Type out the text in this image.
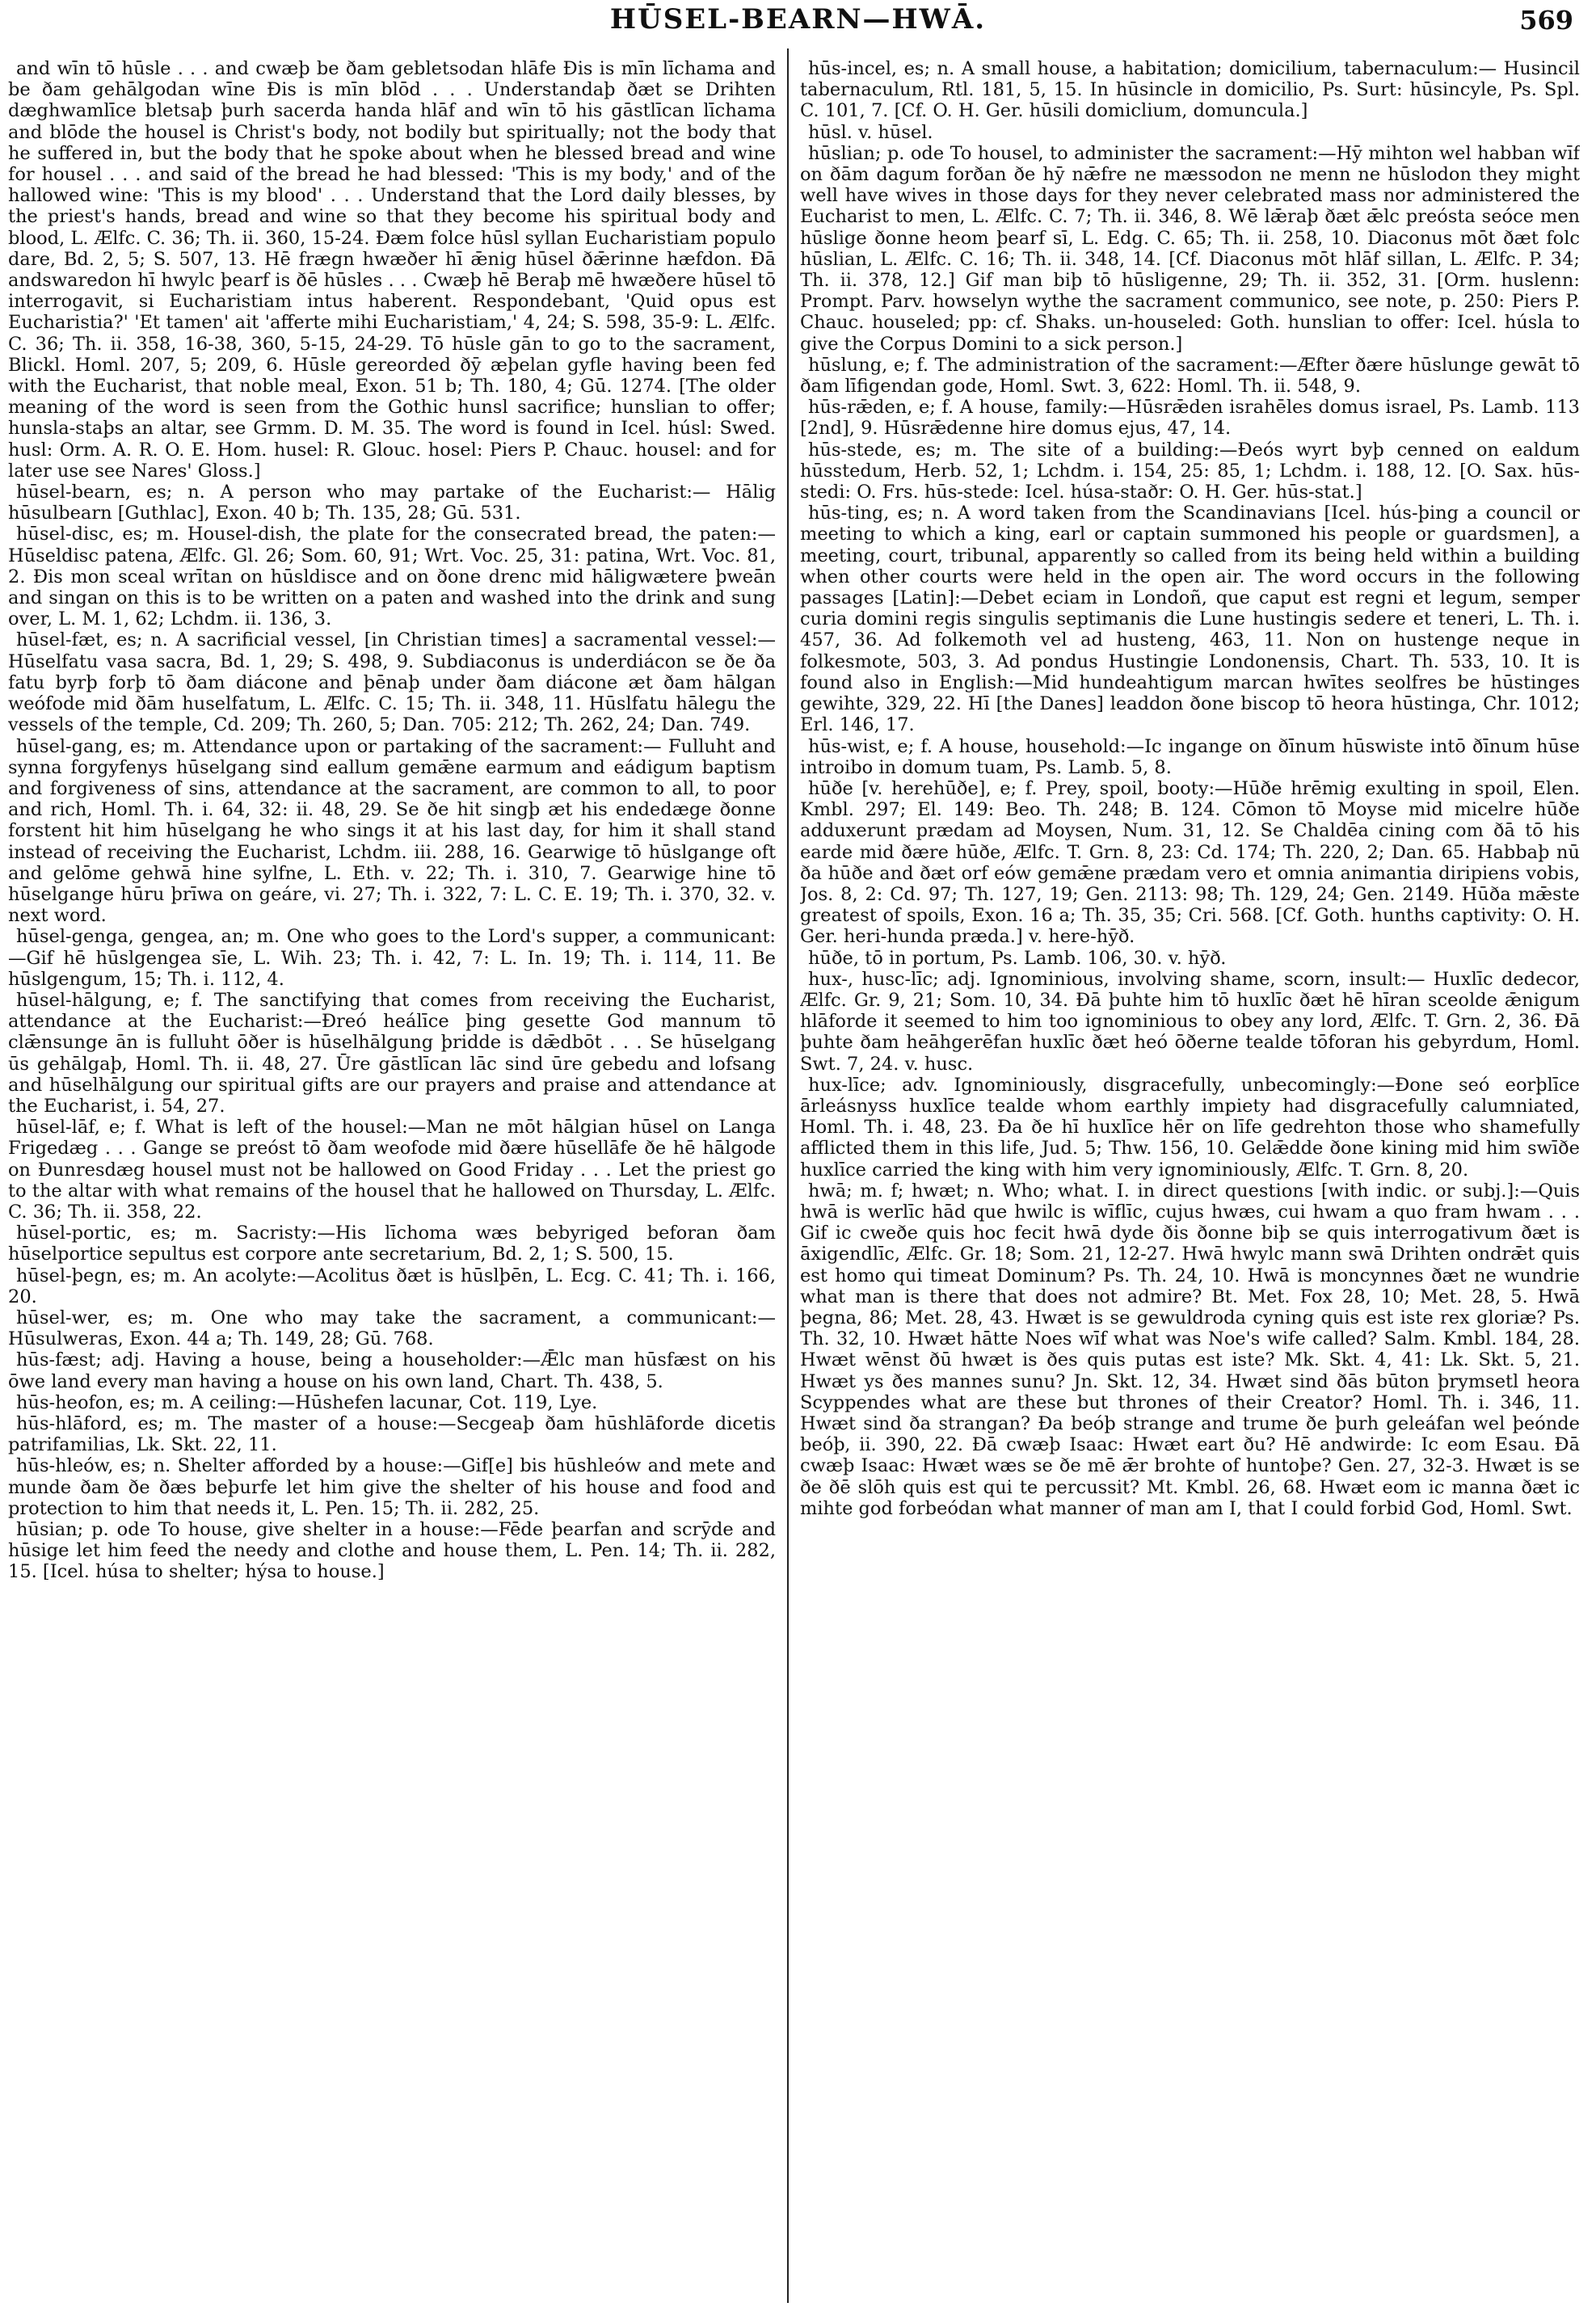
HŪSEL-BEARN—HWĀ.	569

and wīn tō hūsle . . . and cwæþ be ðam gebletsodan hlāfe Ðis is mīn līchama and be ðam gehālgodan wīne Ðis is mīn blōd . . . Understandaþ ðæt se Drihten dæghwamlīce bletsaþ þurh sacerda handa hlāf and wīn tō his gāstlīcan līchama and blōde the housel is Christ's body, not bodily but spiritually; not the body that he suffered in, but the body that he spoke about when he blessed bread and wine for housel . . . and said of the bread he had blessed: 'This is my body,' and of the hallowed wine: 'This is my blood' . . . Understand that the Lord daily blesses, by the priest's hands, bread and wine so that they become his spiritual body and blood, L. Ælfc. C. 36; Th. ii. 360, 15-24. Ðæm folce hūsl syllan Eucharistiam populo dare, Bd. 2, 5; S. 507, 13. Hē frægn hwæðer hī ǣnig hūsel ðǣrinne hæfdon. Ðā andswaredon hī hwylc þearf is ðē hūsles . . . Cwæþ hē Beraþ mē hwæðere hūsel tō interrogavit, si Eucharistiam intus haberent. Respondebant, 'Quid opus est Eucharistia?' 'Et tamen' ait 'afferte mihi Eucharistiam,' 4, 24; S. 598, 35-9: L. Ælfc. C. 36; Th. ii. 358, 16-38, 360, 5-15, 24-29. Tō hūsle gān to go to the sacrament, Blickl. Homl. 207, 5; 209, 6. Hūsle gereorded ðȳ æþelan gyfle having been fed with the Eucharist, that noble meal, Exon. 51 b; Th. 180, 4; Gū. 1274. [The older meaning of the word is seen from the Gothic hunsl sacrifice; hunslian to offer; hunsla-staþs an altar, see Grmm. D. M. 35. The word is found in Icel. húsl: Swed. husl: Orm. A. R. O. E. Hom. husel: R. Glouc. hosel: Piers P. Chauc. housel: and for later use see Nares' Gloss.]

hūsel-bearn, es; n. A person who may partake of the Eucharist:— Hālig hūsulbearn [Guthlac], Exon. 40 b; Th. 135, 28; Gū. 531.

hūsel-disc, es; m. Housel-dish, the plate for the consecrated bread, the paten:—Hūseldisc patena, Ælfc. Gl. 26; Som. 60, 91; Wrt. Voc. 25, 31: patina, Wrt. Voc. 81, 2. Ðis mon sceal wrītan on hūsldisce and on ðone drenc mid hāligwætere þweān and singan on this is to be written on a paten and washed into the drink and sung over, L. M. 1, 62; Lchdm. ii. 136, 3.

hūsel-fæt, es; n. A sacrificial vessel, [in Christian times] a sacramental vessel:—Hūselfatu vasa sacra, Bd. 1, 29; S. 498, 9. Subdiaconus is underdiácon se ðe ða fatu byrþ forþ tō ðam diácone and þēnaþ under ðam diácone æt ðam hālgan weófode mid ðām huselfatum, L. Ælfc. C. 15; Th. ii. 348, 11. Hūslfatu hālegu the vessels of the temple, Cd. 209; Th. 260, 5; Dan. 705: 212; Th. 262, 24; Dan. 749.

hūsel-gang, es; m. Attendance upon or partaking of the sacrament:— Fulluht and synna forgyfenys hūselgang sind eallum gemǣne earmum and eádigum baptism and forgiveness of sins, attendance at the sacrament, are common to all, to poor and rich, Homl. Th. i. 64, 32: ii. 48, 29. Se ðe hit singþ æt his endedæge ðonne forstent hit him hūselgang he who sings it at his last day, for him it shall stand instead of receiving the Eucharist, Lchdm. iii. 288, 16. Gearwige tō hūslgange oft and gelōme gehwā hine sylfne, L. Eth. v. 22; Th. i. 310, 7. Gearwige hine tō hūselgange hūru þrīwa on geáre, vi. 27; Th. i. 322, 7: L. C. E. 19; Th. i. 370, 32. v. next word.

hūsel-genga, gengea, an; m. One who goes to the Lord's supper, a communicant:—Gif hē hūslgengea sīe, L. Wih. 23; Th. i. 42, 7: L. In. 19; Th. i. 114, 11. Be hūslgengum, 15; Th. i. 112, 4.

hūsel-hālgung, e; f. The sanctifying that comes from receiving the Eucharist, attendance at the Eucharist:—Ðreó heálīce þing gesette God mannum tō clǣnsunge ān is fulluht ōðer is hūselhālgung þridde is dǣdbōt . . . Se hūselgang ūs gehālgaþ, Homl. Th. ii. 48, 27. Ūre gāstlīcan lāc sind ūre gebedu and lofsang and hūselhālgung our spiritual gifts are our prayers and praise and attendance at the Eucharist, i. 54, 27.

hūsel-lāf, e; f. What is left of the housel:—Man ne mōt hālgian hūsel on Langa Frigedæg . . . Gange se preóst tō ðam weofode mid ðære hūsellāfe ðe hē hālgode on Ðunresdæg housel must not be hallowed on Good Friday . . . Let the priest go to the altar with what remains of the housel that he hallowed on Thursday, L. Ælfc. C. 36; Th. ii. 358, 22.

hūsel-portic, es; m. Sacristy:—His līchoma wæs bebyriged beforan ðam hūselportice sepultus est corpore ante secretarium, Bd. 2, 1; S. 500, 15.

hūsel-þegn, es; m. An acolyte:—Acolitus ðæt is hūslþēn, L. Ecg. C. 41; Th. i. 166, 20.

hūsel-wer, es; m. One who may take the sacrament, a communicant:— Hūsulweras, Exon. 44 a; Th. 149, 28; Gū. 768.

hūs-fæst; adj. Having a house, being a householder:—Ǣlc man hūsfæst on his ōwe land every man having a house on his own land, Chart. Th. 438, 5.

hūs-heofon, es; m. A ceiling:—Hūshefen lacunar, Cot. 119, Lye.

hūs-hlāford, es; m. The master of a house:—Secgeaþ ðam hūshlāforde dicetis patrifamilias, Lk. Skt. 22, 11.

hūs-hleów, es; n. Shelter afforded by a house:—Gif[e] bis hūshleów and mete and munde ðam ðe ðæs beþurfe let him give the shelter of his house and food and protection to him that needs it, L. Pen. 15; Th. ii. 282, 25.

hūsian; p. ode To house, give shelter in a house:—Fēde þearfan and scrȳde and hūsige let him feed the needy and clothe and house them, L. Pen. 14; Th. ii. 282, 15. [Icel. húsa to shelter; hýsa to house.]

hūs-incel, es; n. A small house, a habitation; domicilium, tabernaculum:— Husincil tabernaculum, Rtl. 181, 5, 15. In hūsincle in domicilio, Ps. Surt: hūsincyle, Ps. Spl. C. 101, 7. [Cf. O. H. Ger. hūsili domiclium, domuncula.]

hūsl. v. hūsel.

hūslian; p. ode To housel, to administer the sacrament:—Hȳ mihton wel habban wīf on ðām dagum forðan ðe hȳ nǣfre ne mæssodon ne menn ne hūslodon they might well have wives in those days for they never celebrated mass nor administered the Eucharist to men, L. Ælfc. C. 7; Th. ii. 346, 8. Wē lǣraþ ðæt ǣlc preósta seóce men hūslige ðonne heom þearf sī, L. Edg. C. 65; Th. ii. 258, 10. Diaconus mōt ðæt folc hūslian, L. Ælfc. C. 16; Th. ii. 348, 14. [Cf. Diaconus mōt hlāf sillan, L. Ælfc. P. 34; Th. ii. 378, 12.] Gif man biþ tō hūsligenne, 29; Th. ii. 352, 31. [Orm. huslenn: Prompt. Parv. howselyn wythe the sacrament communico, see note, p. 250: Piers P. Chauc. houseled; pp: cf. Shaks. un-houseled: Goth. hunslian to offer: Icel. húsla to give the Corpus Domini to a sick person.]

hūslung, e; f. The administration of the sacrament:—Æfter ðære hūslunge gewāt tō ðam līfigendan gode, Homl. Swt. 3, 622: Homl. Th. ii. 548, 9.

hūs-rǣden, e; f. A house, family:—Hūsrǣden israhēles domus israel, Ps. Lamb. 113 [2nd], 9. Hūsrǣdenne hire domus ejus, 47, 14.

hūs-stede, es; m. The site of a building:—Ðeós wyrt byþ cenned on ealdum hūsstedum, Herb. 52, 1; Lchdm. i. 154, 25: 85, 1; Lchdm. i. 188, 12. [O. Sax. hūs-stedi: O. Frs. hūs-stede: Icel. húsa-staðr: O. H. Ger. hūs-stat.]

hūs-ting, es; n. A word taken from the Scandinavians [Icel. hús-þing a council or meeting to which a king, earl or captain summoned his people or guardsmen], a meeting, court, tribunal, apparently so called from its being held within a building when other courts were held in the open air. The word occurs in the following passages [Latin]:—Debet eciam in Londoñ, que caput est regni et legum, semper curia domini regis singulis septimanis die Lune hustingis sedere et teneri, L. Th. i. 457, 36. Ad folkemoth vel ad husteng, 463, 11. Non on hustenge neque in folkesmote, 503, 3. Ad pondus Hustingie Londonensis, Chart. Th. 533, 10. It is found also in English:—Mid hundeahtigum marcan hwītes seolfres be hūstinges gewihte, 329, 22. Hī [the Danes] leaddon ðone biscop tō heora hūstinga, Chr. 1012; Erl. 146, 17.

hūs-wist, e; f. A house, household:—Ic ingange on ðīnum hūswiste intō ðīnum hūse introibo in domum tuam, Ps. Lamb. 5, 8.

hūðe [v. herehūðe], e; f. Prey, spoil, booty:—Hūðe hrēmig exulting in spoil, Elen. Kmbl. 297; El. 149: Beo. Th. 248; B. 124. Cōmon tō Moyse mid micelre hūðe adduxerunt prædam ad Moysen, Num. 31, 12. Se Chaldēa cining com ðā tō his earde mid ðære hūðe, Ælfc. T. Grn. 8, 23: Cd. 174; Th. 220, 2; Dan. 65. Habbaþ nū ða hūðe and ðæt orf eów gemǣne prædam vero et omnia animantia diripiens vobis, Jos. 8, 2: Cd. 97; Th. 127, 19; Gen. 2113: 98; Th. 129, 24; Gen. 2149. Hūða mǣste greatest of spoils, Exon. 16 a; Th. 35, 35; Cri. 568. [Cf. Goth. hunths captivity: O. H. Ger. heri-hunda præda.] v. here-hȳð.

hūðe, tō in portum, Ps. Lamb. 106, 30. v. hȳð.

hux-, husc-līc; adj. Ignominious, involving shame, scorn, insult:— Huxlīc dedecor, Ælfc. Gr. 9, 21; Som. 10, 34. Ðā þuhte him tō huxlīc ðæt hē hīran sceolde ǣnigum hlāforde it seemed to him too ignominious to obey any lord, Ælfc. T. Grn. 2, 36. Ðā þuhte ðam heāhgerēfan huxlīc ðæt heó ōðerne tealde tōforan his gebyrdum, Homl. Swt. 7, 24. v. husc.

hux-līce; adv. Ignominiously, disgracefully, unbecomingly:—Ðone seó eorþlīce ārleásnyss huxlīce tealde whom earthly impiety had disgracefully calumniated, Homl. Th. i. 48, 23. Ða ðe hī huxlīce hēr on līfe gedrehton those who shamefully afflicted them in this life, Jud. 5; Thw. 156, 10. Gelǣdde ðone kining mid him swīðe huxlīce carried the king with him very ignominiously, Ælfc. T. Grn. 8, 20.

hwā; m. f; hwæt; n. Who; what. I. in direct questions [with indic. or subj.]:—Quis hwā is werlīc hād que hwilc is wīflīc, cujus hwæs, cui hwam a quo fram hwam . . . Gif ic cweðe quis hoc fecit hwā dyde ðis ðonne biþ se quis interrogativum ðæt is āxigendlīc, Ælfc. Gr. 18; Som. 21, 12-27. Hwā hwylc mann swā Drihten ondrǣt quis est homo qui timeat Dominum? Ps. Th. 24, 10. Hwā is moncynnes ðæt ne wundrie what man is there that does not admire? Bt. Met. Fox 28, 10; Met. 28, 5. Hwā þegna, 86; Met. 28, 43. Hwæt is se gewuldroda cyning quis est iste rex gloriæ? Ps. Th. 32, 10. Hwæt hātte Noes wīf what was Noe's wife called? Salm. Kmbl. 184, 28. Hwæt wēnst ðū hwæt is ðes quis putas est iste? Mk. Skt. 4, 41: Lk. Skt. 5, 21. Hwæt ys ðes mannes sunu? Jn. Skt. 12, 34. Hwæt sind ðās būton þrymsetl heora Scyppendes what are these but thrones of their Creator? Homl. Th. i. 346, 11. Hwæt sind ða strangan? Ða beóþ strange and trume ðe þurh geleáfan wel þeónde beóþ, ii. 390, 22. Ðā cwæþ Isaac: Hwæt eart ðu? Hē andwirde: Ic eom Esau. Ðā cwæþ Isaac: Hwæt wæs se ðe mē ǣr brohte of huntoþe? Gen. 27, 32-3. Hwæt is se ðe ðē slōh quis est qui te percussit? Mt. Kmbl. 26, 68. Hwæt eom ic manna ðæt ic mihte god forbeódan what manner of man am I, that I could forbid God, Homl. Swt.
